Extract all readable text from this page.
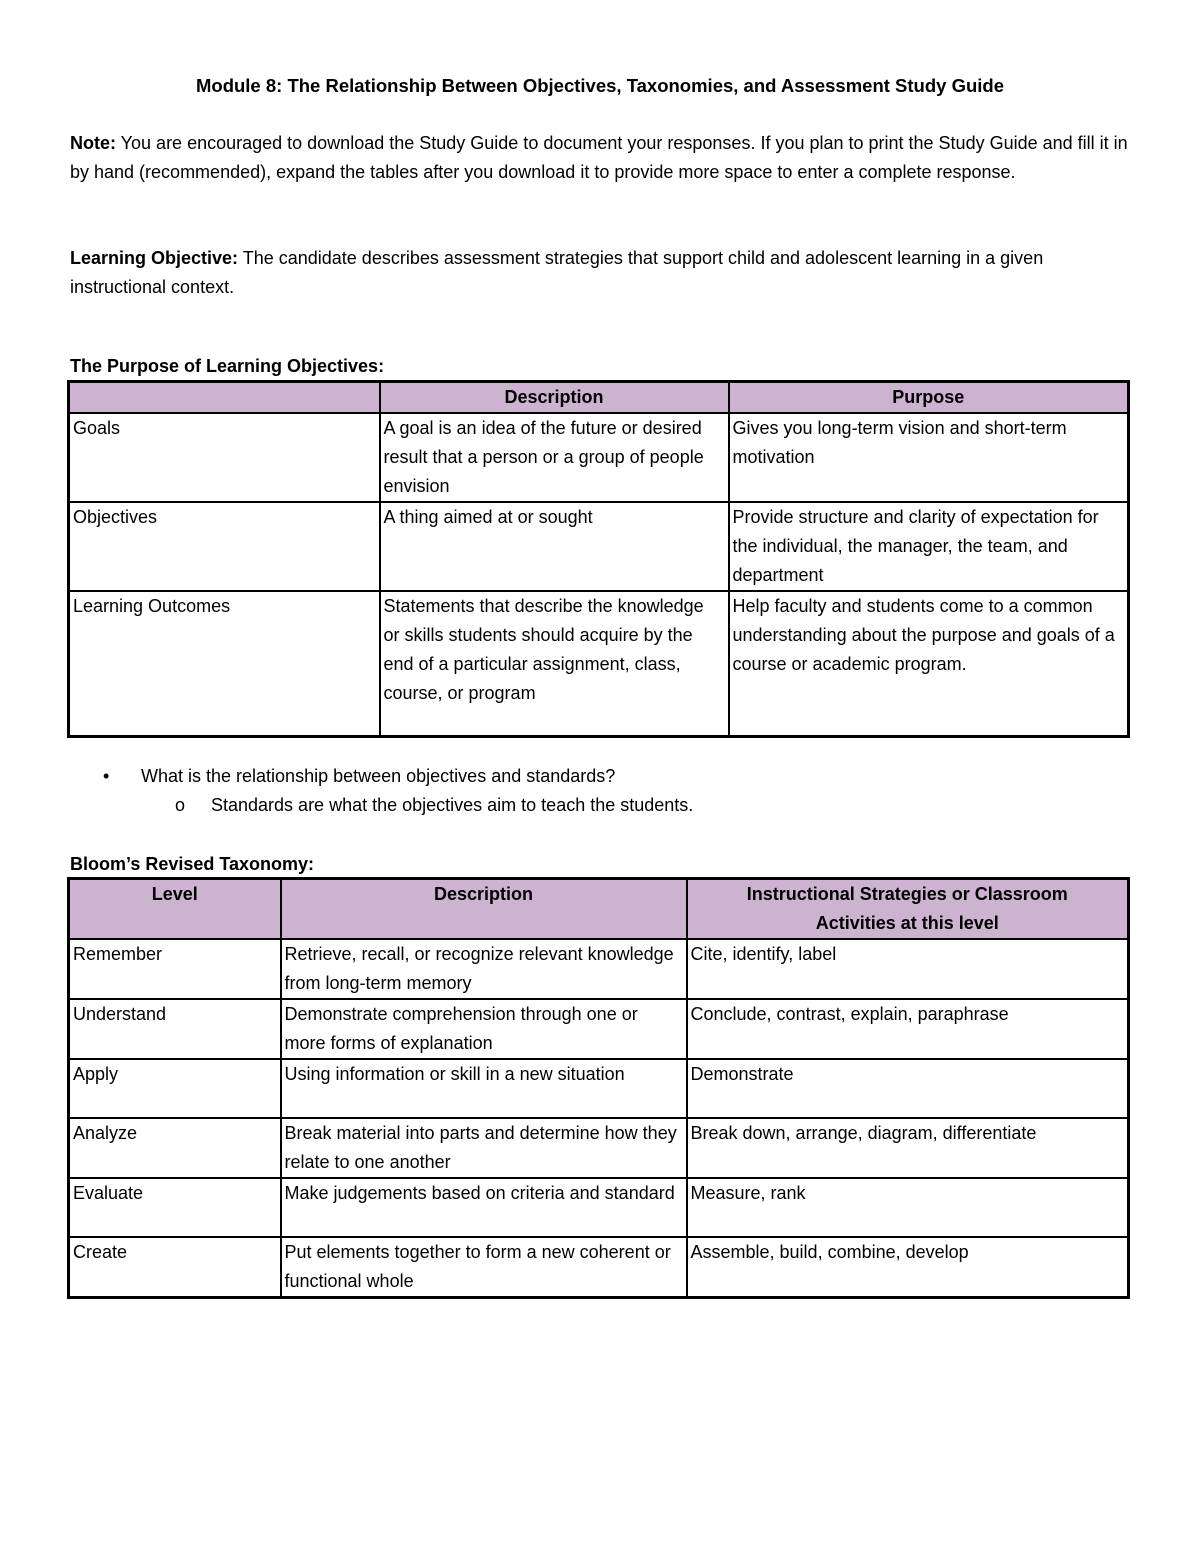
Module 8: The Relationship Between Objectives, Taxonomies, and Assessment Study Guide
Note: You are encouraged to download the Study Guide to document your responses. If you plan to print the Study Guide and fill it in by hand (recommended), expand the tables after you download it to provide more space to enter a complete response.
Learning Objective: The candidate describes assessment strategies that support child and adolescent learning in a given instructional context.
The Purpose of Learning Objectives:
	Description	Purpose
Goals	A goal is an idea of the future or desired result that a person or a group of people envision	Gives you long-term vision and short-term motivation
Objectives	A thing aimed at or sought	Provide structure and clarity of expectation for the individual, the manager, the team, and department
Learning Outcomes	Statements that describe the knowledge or skills students should acquire by the end of a particular assignment, class, course, or program	Help faculty and students come to a common understanding about the purpose and goals of a course or academic program.
• What is the relationship between objectives and standards?
o Standards are what the objectives aim to teach the students.
Bloom’s Revised Taxonomy:
Level	Description	Instructional Strategies or Classroom Activities at this level
Remember	Retrieve, recall, or recognize relevant knowledge from long-term memory	Cite, identify, label
Understand	Demonstrate comprehension through one or more forms of explanation	Conclude, contrast, explain, paraphrase
Apply	Using information or skill in a new situation	Demonstrate
Analyze	Break material into parts and determine how they relate to one another	Break down, arrange, diagram, differentiate
Evaluate	Make judgements based on criteria and standard	Measure, rank
Create	Put elements together to form a new coherent or functional whole	Assemble, build, combine, develop
